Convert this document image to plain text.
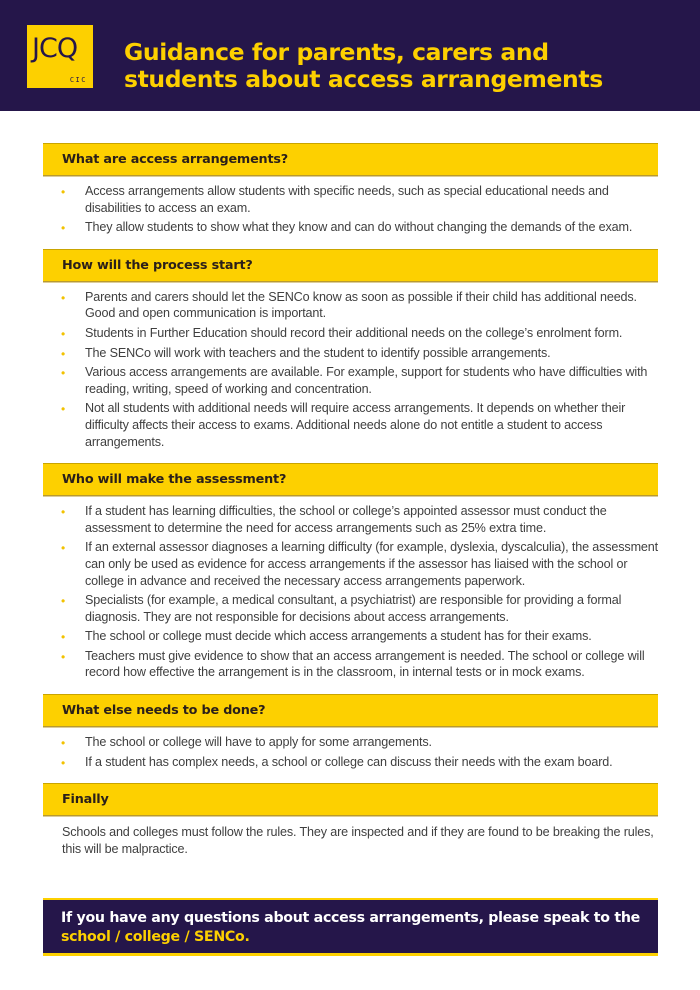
JCQ
CIC
Guidance for parents, carers and students about access arrangements
What are access arrangements?
• Access arrangements allow students with specific needs, such as special educational needs and disabilities to access an exam.
• They allow students to show what they know and can do without changing the demands of the exam.
How will the process start?
• Parents and carers should let the SENCo know as soon as possible if their child has additional needs. Good and open communication is important.
• Students in Further Education should record their additional needs on the college’s enrolment form.
• The SENCo will work with teachers and the student to identify possible arrangements.
• Various access arrangements are available. For example, support for students who have difficulties with reading, writing, speed of working and concentration.
• Not all students with additional needs will require access arrangements. It depends on whether their difficulty affects their access to exams. Additional needs alone do not entitle a student to access arrangements.
Who will make the assessment?
• If a student has learning difficulties, the school or college’s appointed assessor must conduct the assessment to determine the need for access arrangements such as 25% extra time.
• If an external assessor diagnoses a learning difficulty (for example, dyslexia, dyscalculia), the assessment can only be used as evidence for access arrangements if the assessor has liaised with the school or college in advance and received the necessary access arrangements paperwork.
• Specialists (for example, a medical consultant, a psychiatrist) are responsible for providing a formal diagnosis. They are not responsible for decisions about access arrangements.
• The school or college must decide which access arrangements a student has for their exams.
• Teachers must give evidence to show that an access arrangement is needed. The school or college will record how effective the arrangement is in the classroom, in internal tests or in mock exams.
What else needs to be done?
• The school or college will have to apply for some arrangements.
• If a student has complex needs, a school or college can discuss their needs with the exam board.
Finally
Schools and colleges must follow the rules. They are inspected and if they are found to be breaking the rules, this will be malpractice.
If you have any questions about access arrangements, please speak to the
school / college / SENCo.
